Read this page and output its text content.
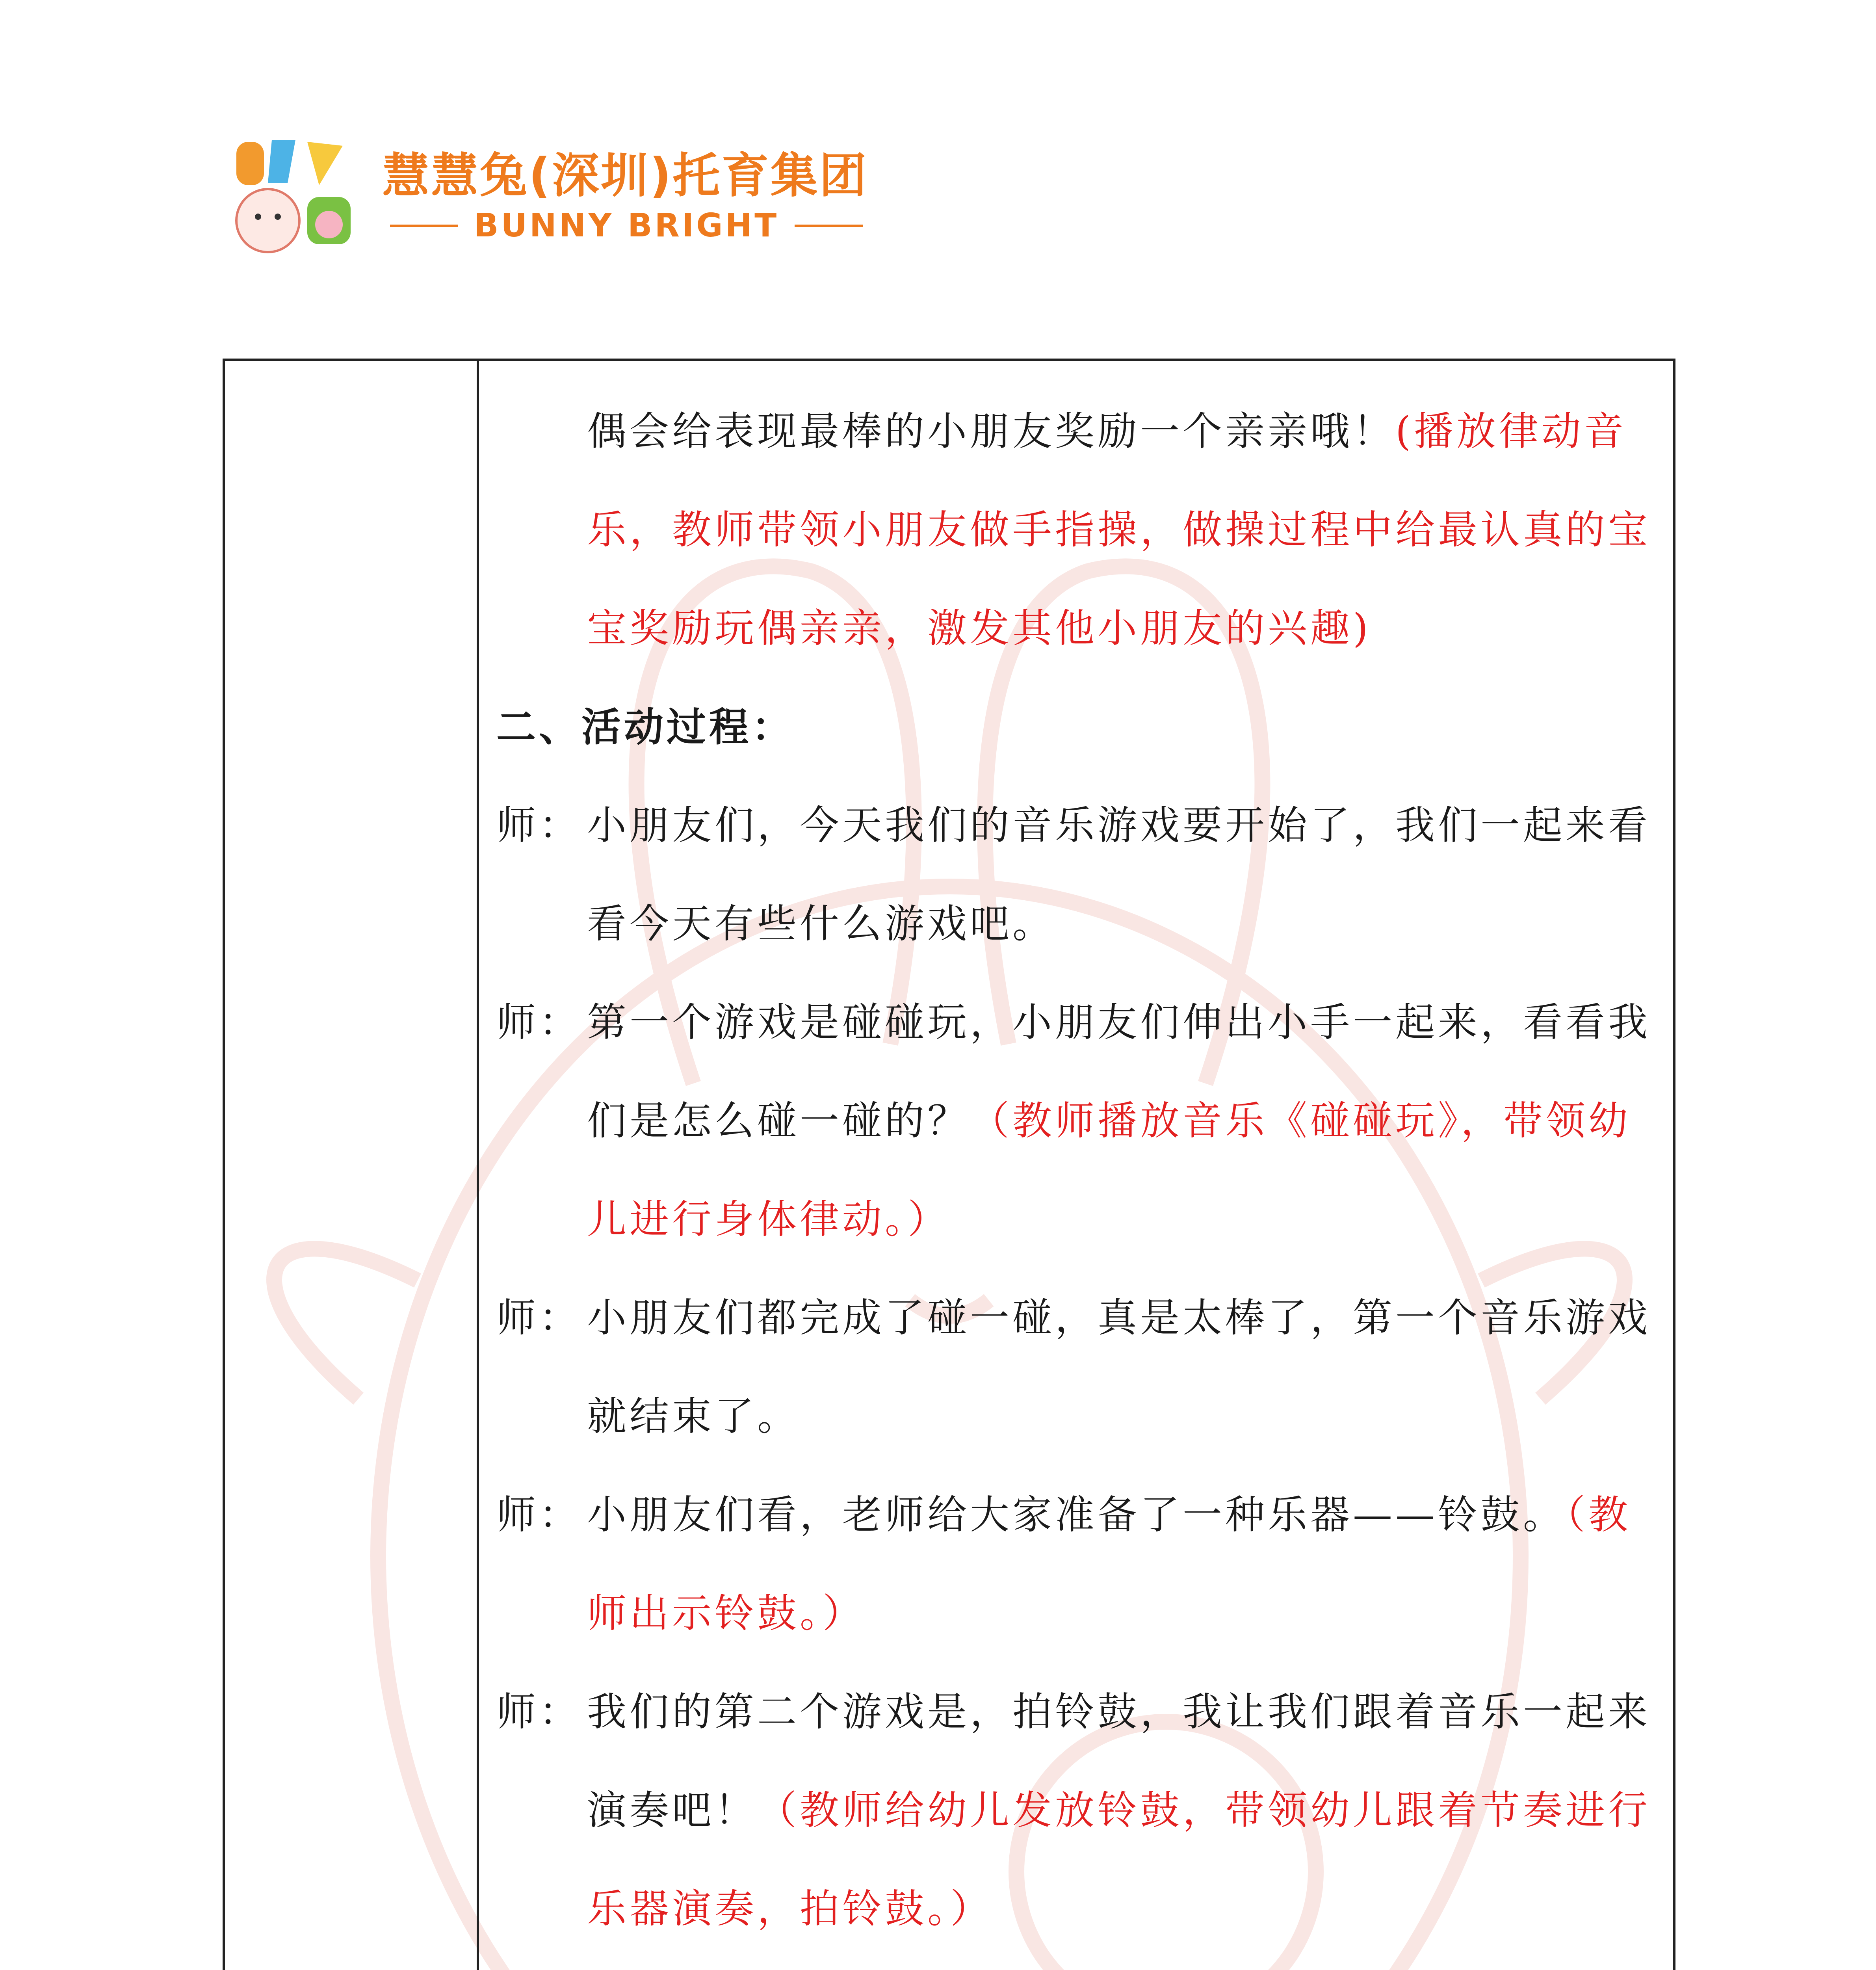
慧慧兔(深圳)托育集团
BUNNY BRIGHT
偶会给表现最棒的小朋友奖励一个亲亲哦！(播放律动音乐，教师带领小朋友做手指操，做操过程中给最认真的宝宝奖励玩偶亲亲，激发其他小朋友的兴趣)
二、活动过程：
师： 小朋友们，今天我们的音乐游戏要开始了，我们一起来看看今天有些什么游戏吧。
师： 第一个游戏是碰碰玩，小朋友们伸出小手一起来，看看我们是怎么碰一碰的？（教师播放音乐《碰碰玩》，带领幼儿进行身体律动。）
师： 小朋友们都完成了碰一碰，真是太棒了，第一个音乐游戏就结束了。
师： 小朋友们看，老师给大家准备了一种乐器——铃鼓。（教师出示铃鼓。）
师： 我们的第二个游戏是，拍铃鼓，我让我们跟着音乐一起来演奏吧！（教师给幼儿发放铃鼓，带领幼儿跟着节奏进行乐器演奏，拍铃鼓。）
